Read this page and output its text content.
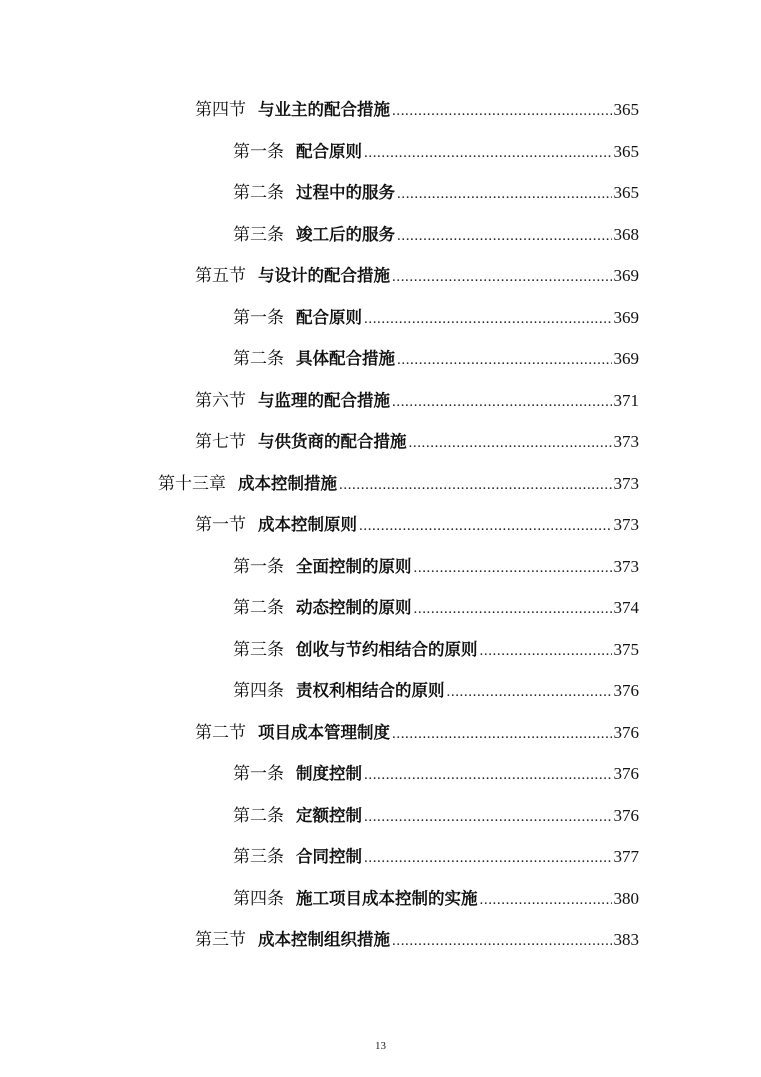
第四节 与业主的配合措施 .....	365
第一条 配合原则 .....	365
第二条 过程中的服务 .....	365
第三条 竣工后的服务 .....	368
第五节 与设计的配合措施 .....	369
第一条 配合原则 .....	369
第二条 具体配合措施 .....	369
第六节 与监理的配合措施 .....	371
第七节 与供货商的配合措施 .....	373
第十三章 成本控制措施 .....	373
第一节 成本控制原则 .....	373
第一条 全面控制的原则 .....	373
第二条 动态控制的原则 .....	374
第三条 创收与节约相结合的原则 .....	375
第四条 责权利相结合的原则 .....	376
第二节 项目成本管理制度 .....	376
第一条 制度控制 .....	376
第二条 定额控制 .....	376
第三条 合同控制 .....	377
第四条 施工项目成本控制的实施 .....	380
第三节 成本控制组织措施 .....	383
13
